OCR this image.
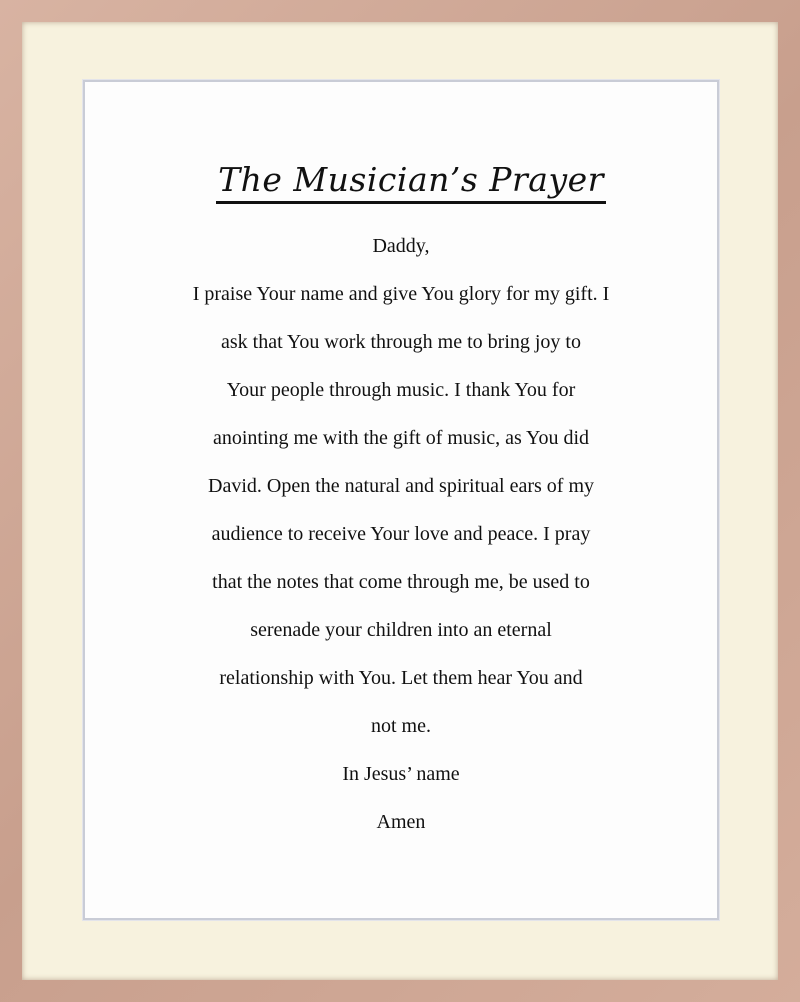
The Musician’s Prayer
Daddy,
I praise Your name and give You glory for my gift. I
ask that You work through me to bring joy to
Your people through music. I thank You for
anointing me with the gift of music, as You did
David. Open the natural and spiritual ears of my
audience to receive Your love and peace. I pray
that the notes that come through me, be used to
serenade your children into an eternal
relationship with You. Let them hear You and
not me.
In Jesus’ name
Amen
